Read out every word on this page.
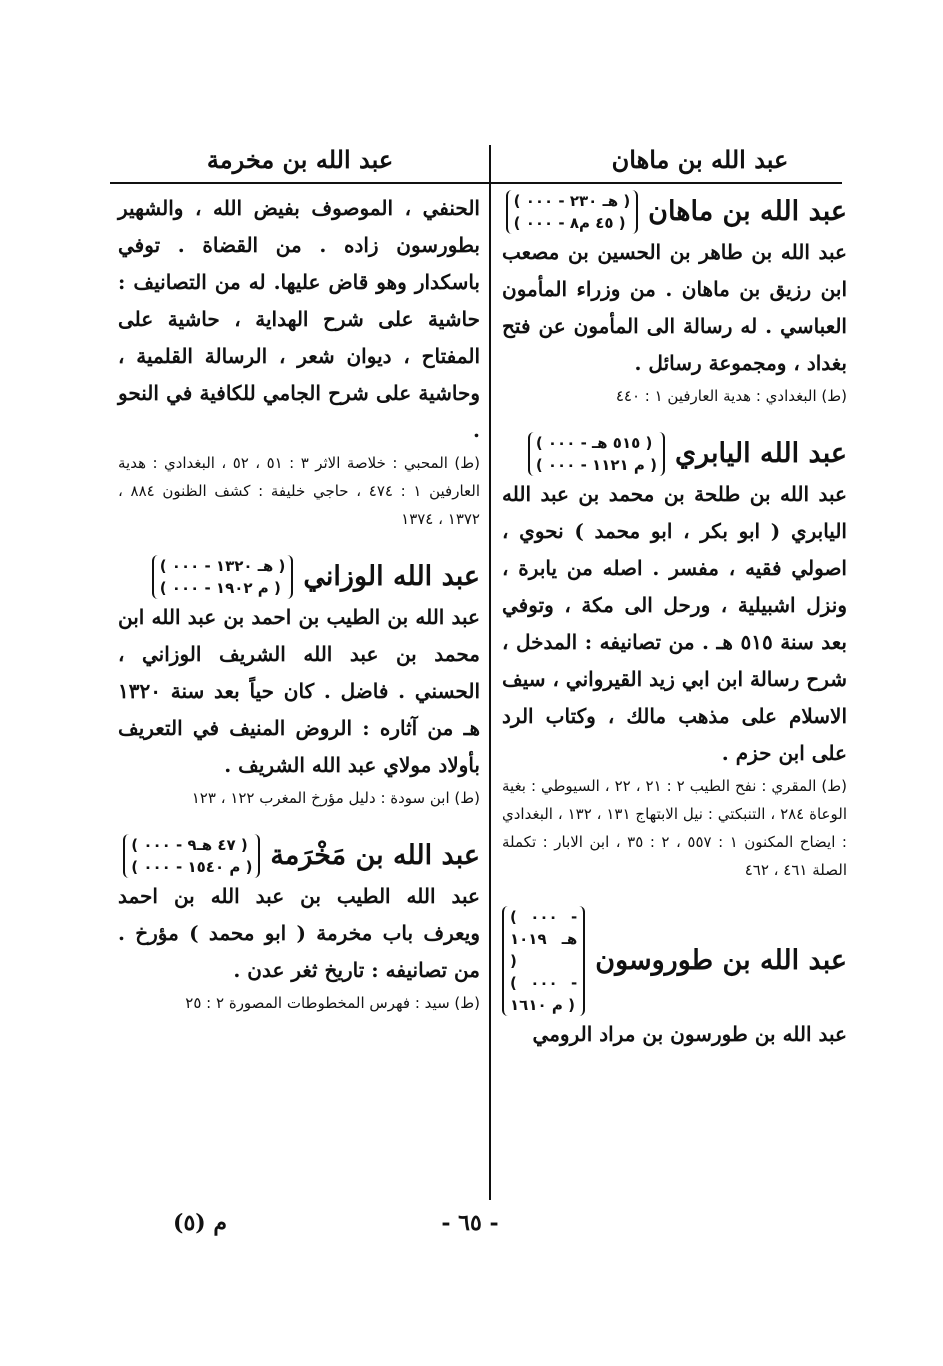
عبد الله بن ماهان
عبد الله بن مخرمة
عبد الله بن ماهان
( ۰۰۰ - ۲۳۰ هـ )
( ۰۰۰ - ۸٤٥ م )

عبد الله بن طاهر بن الحسين بن مصعب ابن رزيق بن ماهان . من وزراء المأمون العباسي . له رسالة الى المأمون عن فتح بغداد ، ومجموعة رسائل .

(ط) البغدادي : هدية العارفين ۱ : ٤٤٠

عبد الله اليابري
( ۰۰۰ - ٥١٥ هـ )
( ۰۰۰ - ۱۱۲۱ م )

عبد الله بن طلحة بن محمد بن عبد الله اليابري ( ابو بكر ، ابو محمد ) نحوي ، اصولي فقيه ، مفسر . اصله من يابرة ، ونزل اشبيلية ، ورحل الى مكة ، وتوفي بعد سنة ٥١٥ هـ . من تصانيفه : المدخل ، شرح رسالة ابن ابي زيد القيرواني ، سيف الاسلام على مذهب مالك ، وكتاب الرد على ابن حزم .

(ط) المقري : نفح الطيب ۲ : ۲۱ ، ۲۲ ، السيوطي : بغية الوعاة ۲۸٤ ، التنبكتي : نيل الابتهاج ۱۳۱ ، ۱۳۲ ، البغدادي : ايضاح المكنون ۱ : ٥٥٧ ، ۲ : ۳٥ ، ابن الابار : تكملة الصلة ٤٦۱ ، ٤٦۲

عبد الله بن طوروسون
( ۰۰۰ - ۱۰۱۹ هـ )
( ۰۰۰ - ۱٦۱۰ م )

عبد الله بن طورسون بن مراد الرومي

الحنفي ، الموصوف بفيض الله ، والشهير بطورسون زاده . من القضاة . توفي باسكدار وهو قاض عليها. له من التصانيف : حاشية على شرح الهداية ، حاشية على المفتاح ، ديوان شعر ، الرسالة القلمية ، وحاشية على شرح الجامي للكافية في النحو .

(ط) المحبي : خلاصة الاثر ۳ : ٥۱ ، ٥۲ ، البغدادي : هدية العارفين ۱ : ٤٧٤ ، حاجي خليفة : كشف الظنون ۸۸٤ ، ۱۳۷۲ ، ۱۳۷٤

عبد الله الوزاني
( ۰۰۰ - ۱۳۲۰ هـ )
( ۰۰۰ - ۱۹۰۲ م )

عبد الله بن الطيب بن احمد بن عبد الله ابن محمد بن عبد الله الشريف الوزاني ، الحسني . فاضل . كان حياً بعد سنة ۱۳۲۰ هـ من آثاره : الروض المنيف في التعريف بأولاد مولاي عبد الله الشريف .

(ط) ابن سودة : دليل مؤرخ المغرب ۱۲۲ ، ۱۲۳

عبد الله بن مَخْرَمة
( ۰۰۰ - ۹٤٧ هـ )
( ۰۰۰ - ۱٥٤۰ م )

عبد الله الطيب بن عبد الله بن احمد ويعرف باب مخرمة ( ابو محمد ) مؤرخ . من تصانيفه : تاريخ ثغر عدن .

(ط) سيد : فهرس المخطوطات المصورة ۲ : ۲٥

- ٦٥ -
م (٥)
